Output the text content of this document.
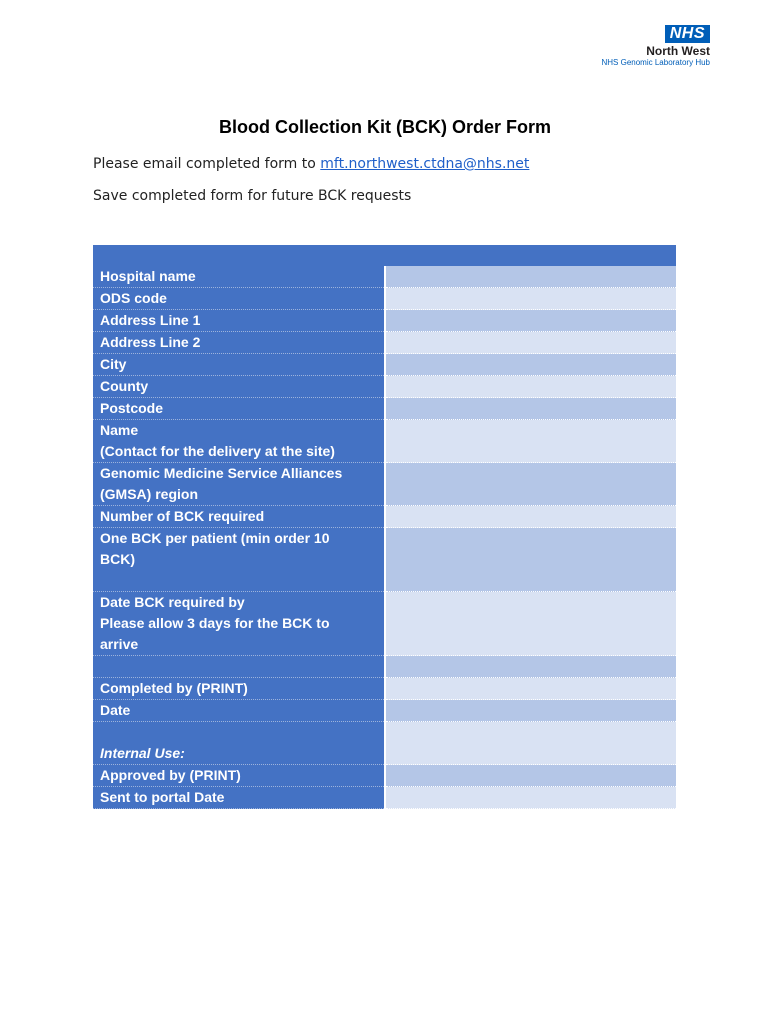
NHS
North West
NHS Genomic Laboratory Hub
Blood Collection Kit (BCK) Order Form
Please email completed form to mft.northwest.ctdna@nhs.net
Save completed form for future BCK requests

Hospital name	

ODS code	

Address Line 1	

Address Line 2	

City	

County	

Postcode	

Name
(Contact for the delivery at the site)	

Genomic Medicine Service Alliances
(GMSA) region	

Number of BCK required	

One BCK per patient (min order 10
BCK)	

Date BCK required by
Please allow 3 days for the BCK to
arrive	

Completed by (PRINT)	

Date	

Internal Use:	

Approved by (PRINT)	

Sent to portal Date	
